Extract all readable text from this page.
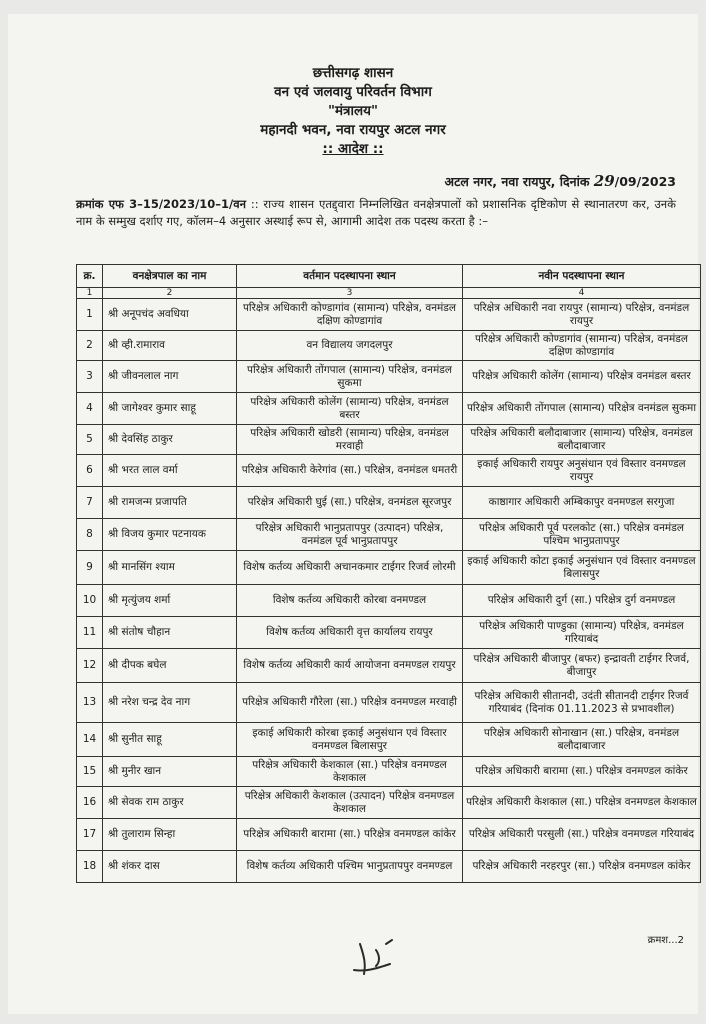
छत्तीसगढ़ शासन
वन एवं जलवायु परिवर्तन विभाग
"मंत्रालय"
महानदी भवन, नवा रायपुर अटल नगर
:: आदेश ::
अटल नगर, नवा रायपुर, दिनांक 29/09/2023
क्रमांक एफ 3–15/2023/10–1/वन :: राज्य शासन एतद्द्वारा निम्नलिखित वनक्षेत्रपालों को प्रशासनिक दृष्टिकोण से स्थानातरण कर, उनके नाम के सम्मुख दर्शाए गए, कॉलम–4 अनुसार अस्थाई रूप से, आगामी आदेश तक पदस्थ करता है :–
क्र.	वनक्षेत्रपाल का नाम	वर्तमान पदस्थापना स्थान	नवीन पदस्थापना स्थान
1	2	3	4
1	श्री अनूपचंद अवधिया	परिक्षेत्र अधिकारी कोण्डागांव (सामान्य) परिक्षेत्र, वनमंडल दक्षिण कोण्डागांव	परिक्षेत्र अधिकारी नवा रायपुर (सामान्य) परिक्षेत्र, वनमंडल रायपुर
2	श्री व्ही.रामाराव	वन विद्यालय जगदलपुर	परिक्षेत्र अधिकारी कोण्डागांव (सामान्य) परिक्षेत्र, वनमंडल दक्षिण कोण्डागांव
3	श्री जीवनलाल नाग	परिक्षेत्र अधिकारी तोंगपाल (सामान्य) परिक्षेत्र, वनमंडल सुकमा	परिक्षेत्र अधिकारी कोलेंग (सामान्य) परिक्षेत्र वनमंडल बस्तर
4	श्री जागेश्वर कुमार साहू	परिक्षेत्र अधिकारी कोलेंग (सामान्य) परिक्षेत्र, वनमंडल बस्तर	परिक्षेत्र अधिकारी तोंगपाल (सामान्य) परिक्षेत्र वनमंडल सुकमा
5	श्री देवसिंह ठाकुर	परिक्षेत्र अधिकारी खोडरी (सामान्य) परिक्षेत्र, वनमंडल मरवाही	परिक्षेत्र अधिकारी बलौदाबाजार (सामान्य) परिक्षेत्र, वनमंडल बलौदाबाजार
6	श्री भरत लाल वर्मा	परिक्षेत्र अधिकारी केरेगांव (सा.) परिक्षेत्र, वनमंडल धमतरी	इकाई अधिकारी रायपुर अनुसंधान एवं विस्तार वनमण्डल रायपुर
7	श्री रामजन्म प्रजापति	परिक्षेत्र अधिकारी घुई (सा.) परिक्षेत्र, वनमंडल सूरजपुर	काष्ठागार अधिकारी अम्बिकापुर वनमण्डल सरगुजा
8	श्री विजय कुमार पटनायक	परिक्षेत्र अधिकारी भानुप्रतापपुर (उत्पादन) परिक्षेत्र, वनमंडल पूर्व भानुप्रतापपुर	परिक्षेत्र अधिकारी पूर्व परलकोट (सा.) परिक्षेत्र वनमंडल पश्चिम भानुप्रतापपुर
9	श्री मानसिंग श्याम	विशेष कर्तव्य अधिकारी अचानकमार टाईगर रिजर्व लोरमी	इकाई अधिकारी कोटा इकाई अनुसंधान एवं विस्तार वनमण्डल बिलासपुर
10	श्री मृत्युंजय शर्मा	विशेष कर्तव्य अधिकारी कोरबा वनमण्डल	परिक्षेत्र अधिकारी दुर्ग (सा.) परिक्षेत्र दुर्ग वनमण्डल
11	श्री संतोष चौहान	विशेष कर्तव्य अधिकारी वृत्त कार्यालय रायपुर	परिक्षेत्र अधिकारी पाण्डुका (सामान्य) परिक्षेत्र, वनमंडल गरियाबंद
12	श्री दीपक बघेल	विशेष कर्तव्य अधिकारी कार्य आयोजना वनमण्डल रायपुर	परिक्षेत्र अधिकारी बीजापुर (बफर) इन्द्रावती टाईगर रिजर्व, बीजापुर
13	श्री नरेश चन्द्र देव नाग	परिक्षेत्र अधिकारी गौरेला (सा.) परिक्षेत्र वनमण्डल मरवाही	परिक्षेत्र अधिकारी सीतानदी, उदंती सीतानदी टाईगर रिजर्व गरियाबंद (दिनांक 01.11.2023 से प्रभावशील)
14	श्री सुनीत साहू	इकाई अधिकारी कोरबा इकाई अनुसंधान एवं विस्तार वनमण्डल बिलासपुर	परिक्षेत्र अधिकारी सोनाखान (सा.) परिक्षेत्र, वनमंडल बलौदाबाजार
15	श्री मुनीर खान	परिक्षेत्र अधिकारी केशकाल (सा.) परिक्षेत्र वनमण्डल केशकाल	परिक्षेत्र अधिकारी बारामा (सा.) परिक्षेत्र वनमण्डल कांकेर
16	श्री सेवक राम ठाकुर	परिक्षेत्र अधिकारी केशकाल (उत्पादन) परिक्षेत्र वनमण्डल केशकाल	परिक्षेत्र अधिकारी केशकाल (सा.) परिक्षेत्र वनमण्डल केशकाल
17	श्री तुलाराम सिन्हा	परिक्षेत्र अधिकारी बारामा (सा.) परिक्षेत्र वनमण्डल कांकेर	परिक्षेत्र अधिकारी परसुली (सा.) परिक्षेत्र वनमण्डल गरियाबंद
18	श्री शंकर दास	विशेष कर्तव्य अधिकारी पश्चिम भानुप्रतापपुर वनमण्डल	परिक्षेत्र अधिकारी नरहरपुर (सा.) परिक्षेत्र वनमण्डल कांकेर
क्रमश...2
